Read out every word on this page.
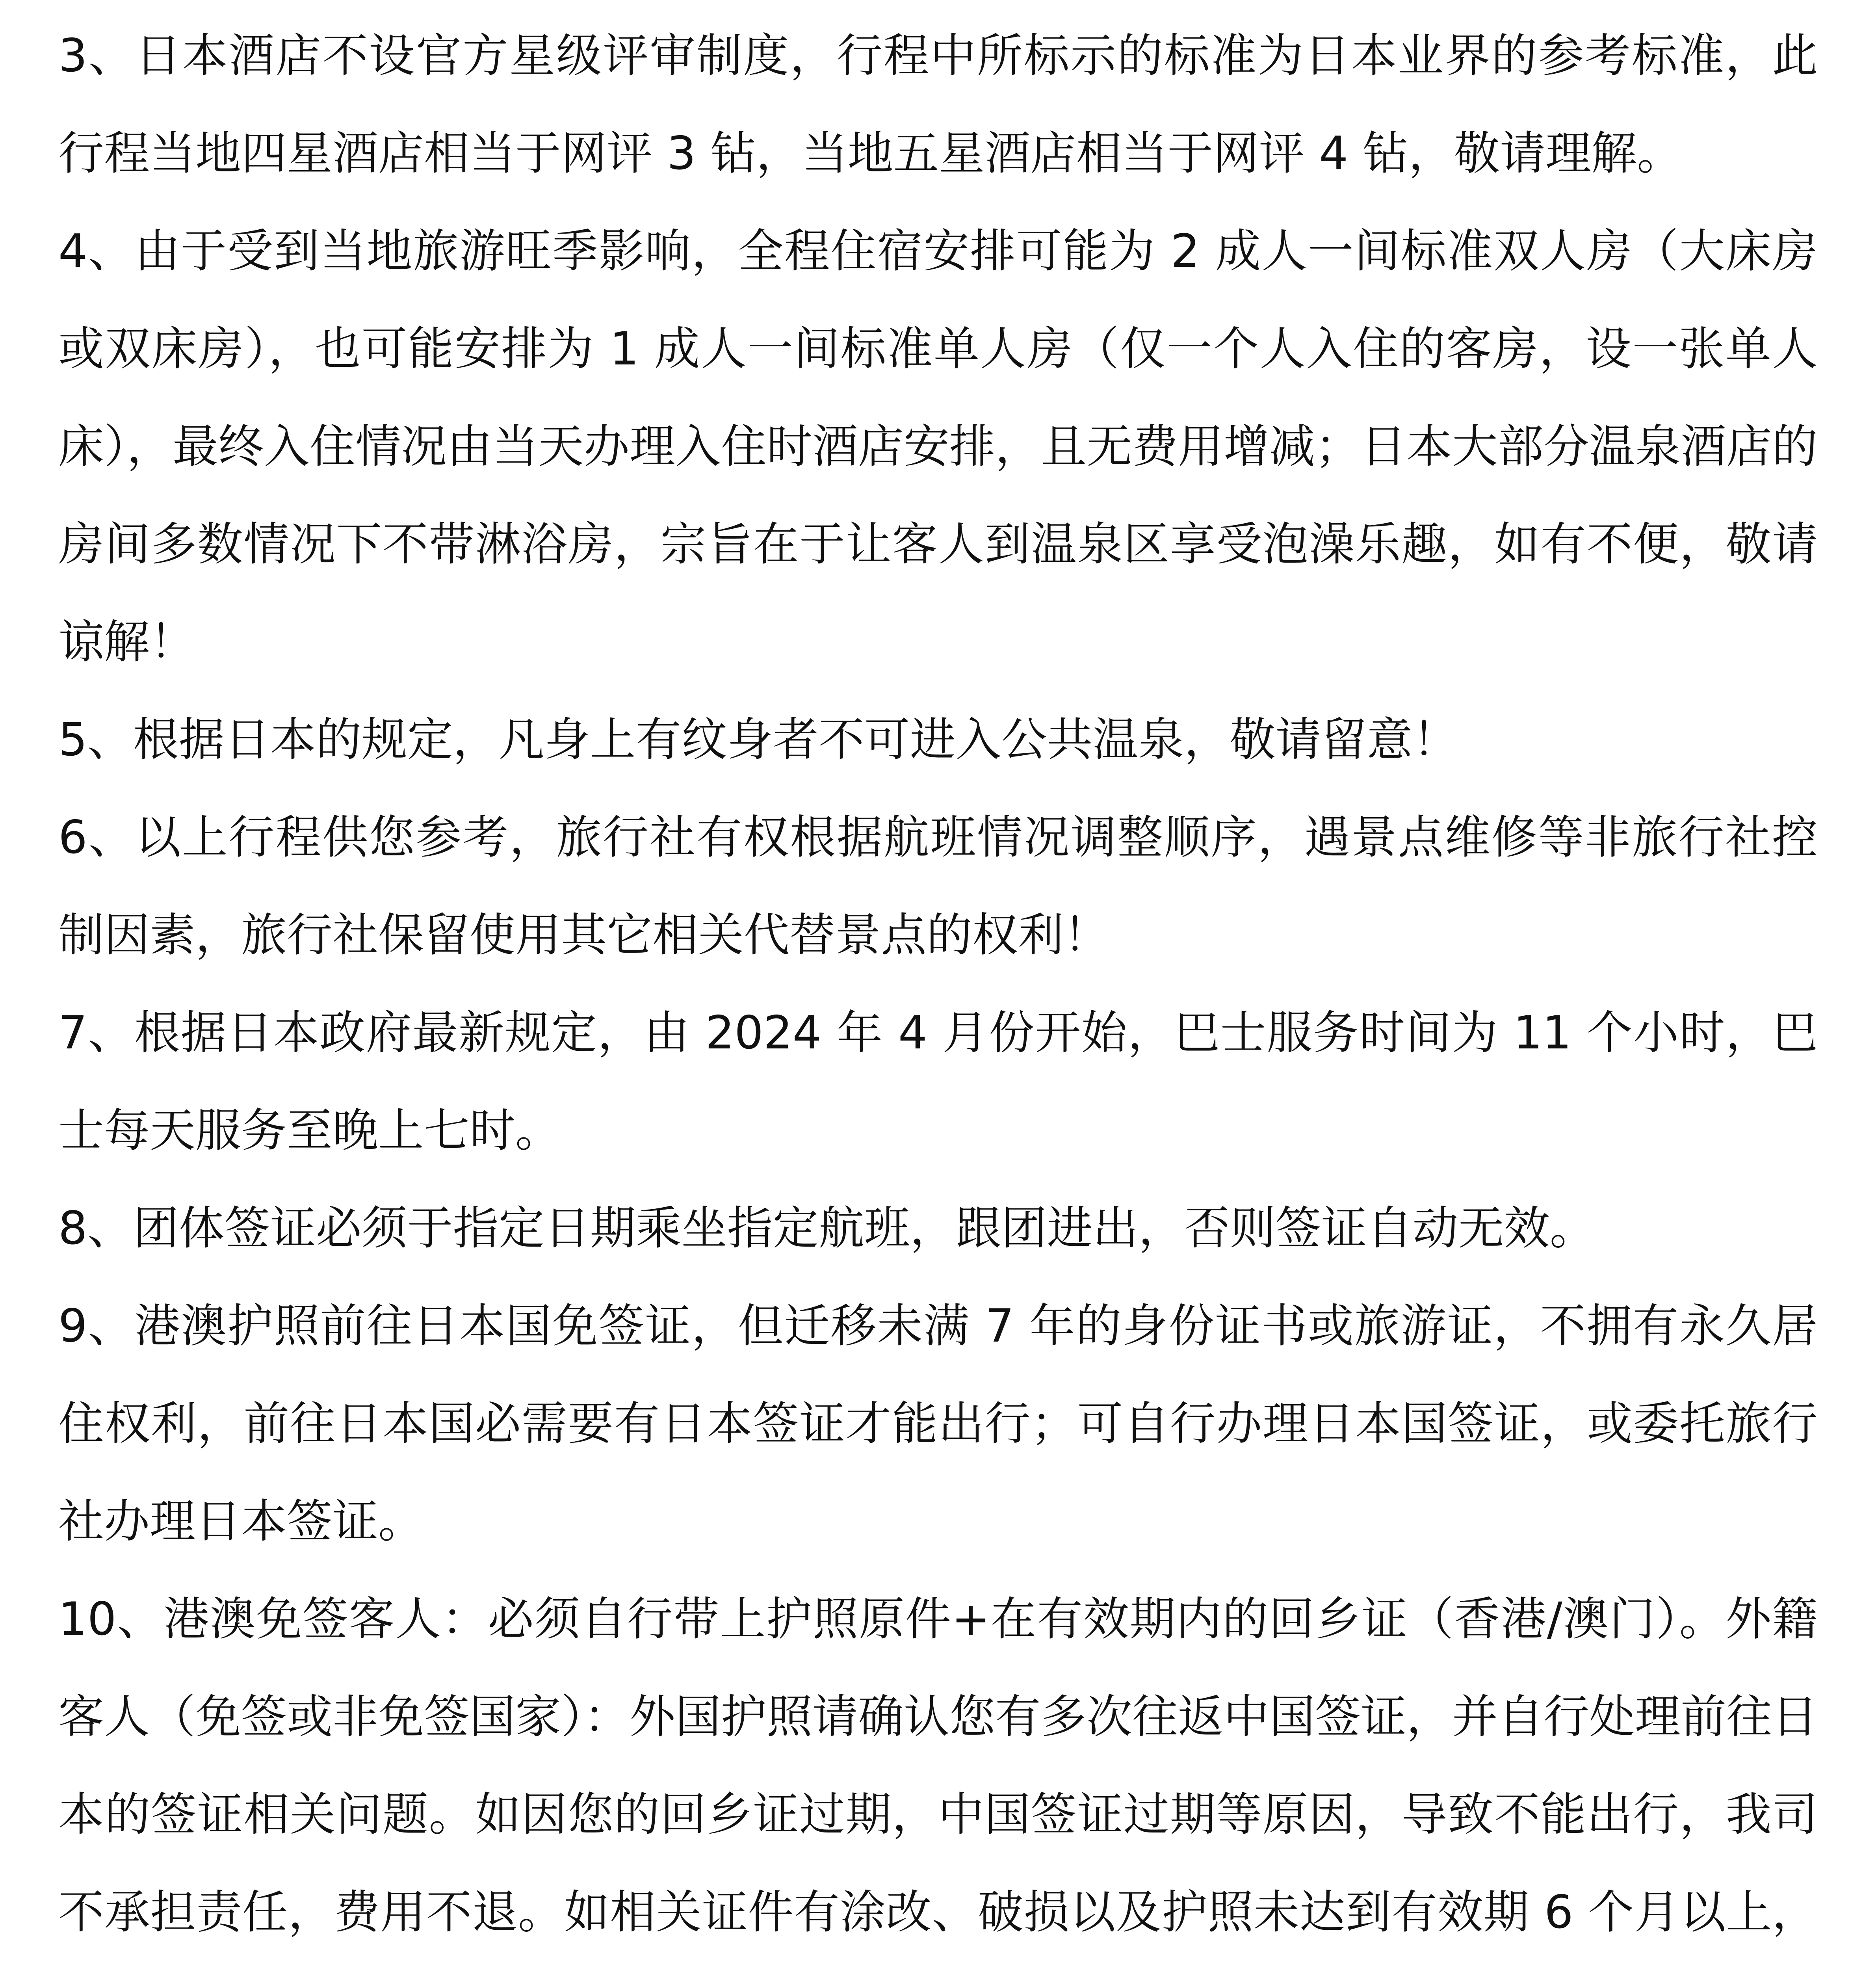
3、日本酒店不设官方星级评审制度，行程中所标示的标准为日本业界的参考标准，此行程当地四星酒店相当于网评 3 钻，当地五星酒店相当于网评 4 钻，敬请理解。

4、由于受到当地旅游旺季影响，全程住宿安排可能为 2 成人一间标准双人房（大床房或双床房），也可能安排为 1 成人一间标准单人房（仅一个人入住的客房，设一张单人床），最终入住情况由当天办理入住时酒店安排，且无费用增减；日本大部分温泉酒店的房间多数情况下不带淋浴房，宗旨在于让客人到温泉区享受泡澡乐趣，如有不便，敬请谅解！

5、根据日本的规定，凡身上有纹身者不可进入公共温泉，敬请留意！

6、以上行程供您参考，旅行社有权根据航班情况调整顺序，遇景点维修等非旅行社控制因素，旅行社保留使用其它相关代替景点的权利！

7、根据日本政府最新规定，由 2024 年 4 月份开始，巴士服务时间为 11 个小时，巴士每天服务至晚上七时。

8、团体签证必须于指定日期乘坐指定航班，跟团进出，否则签证自动无效。

9、港澳护照前往日本国免签证，但迁移未满 7 年的身份证书或旅游证，不拥有永久居住权利，前往日本国必需要有日本签证才能出行；可自行办理日本国签证，或委托旅行社办理日本签证。

10、港澳免签客人：必须自行带上护照原件+在有效期内的回乡证（香港/澳门）。外籍客人（免签或非免签国家）：外国护照请确认您有多次往返中国签证，并自行处理前往日本的签证相关问题。如因您的回乡证过期，中国签证过期等原因，导致不能出行，我司不承担责任，费用不退。如相关证件有涂改、破损以及护照未达到有效期 6 个月以上，
